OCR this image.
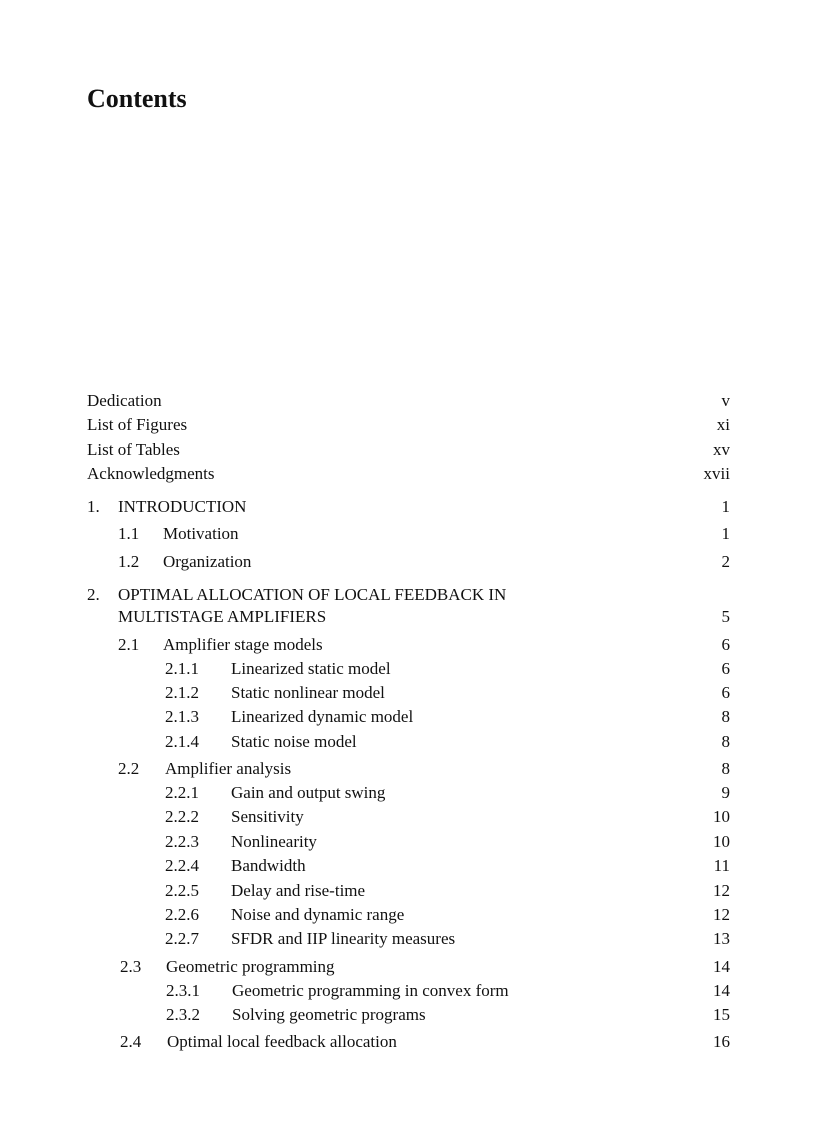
Contents
Dedication	v
List of Figures	xi
List of Tables	xv
Acknowledgments	xvii
1. INTRODUCTION	1
1.1 Motivation	1
1.2 Organization	2
2. OPTIMAL ALLOCATION OF LOCAL FEEDBACK IN
MULTISTAGE AMPLIFIERS	5
2.1 Amplifier stage models	6
2.1.1 Linearized static model	6
2.1.2 Static nonlinear model	6
2.1.3 Linearized dynamic model	8
2.1.4 Static noise model	8
2.2 Amplifier analysis	8
2.2.1 Gain and output swing	9
2.2.2 Sensitivity	10
2.2.3 Nonlinearity	10
2.2.4 Bandwidth	11
2.2.5 Delay and rise-time	12
2.2.6 Noise and dynamic range	12
2.2.7 SFDR and IIP linearity measures	13
2.3 Geometric programming	14
2.3.1 Geometric programming in convex form	14
2.3.2 Solving geometric programs	15
2.4 Optimal local feedback allocation	16
